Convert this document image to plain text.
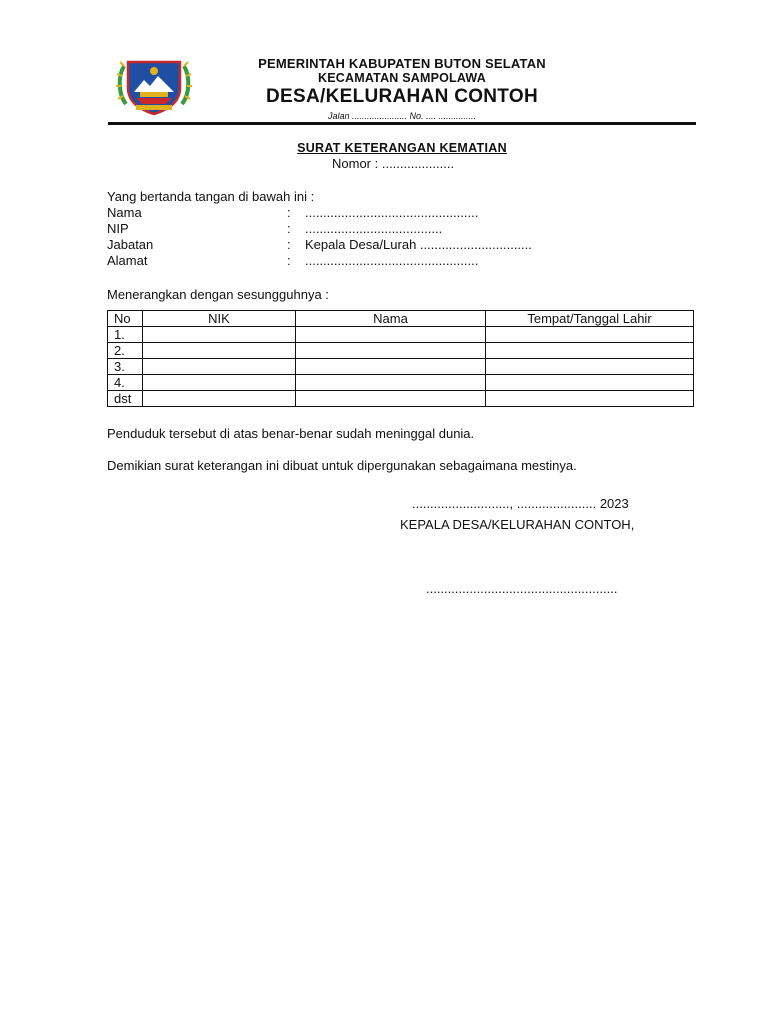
PEMERINTAH KABUPATEN BUTON SELATAN
KECAMATAN SAMPOLAWA
DESA/KELURAHAN CONTOH
Jalan ...................... No. .... ...............
SURAT KETERANGAN KEMATIAN
Nomor : ....................
Yang bertanda tangan di bawah ini :
Nama	: ................................................
NIP	: ......................................
Jabatan	: Kepala Desa/Lurah ...............................
Alamat	: ................................................
Menerangkan dengan sesungguhnya :
No	NIK	Nama	Tempat/Tanggal Lahir
1.			
2.			
3.			
4.			
dst			
Penduduk tersebut di atas benar-benar sudah meninggal dunia.
Demikian surat keterangan ini dibuat untuk dipergunakan sebagaimana mestinya.
..........................., ...................... 2023
KEPALA DESA/KELURAHAN CONTOH,
.....................................................
